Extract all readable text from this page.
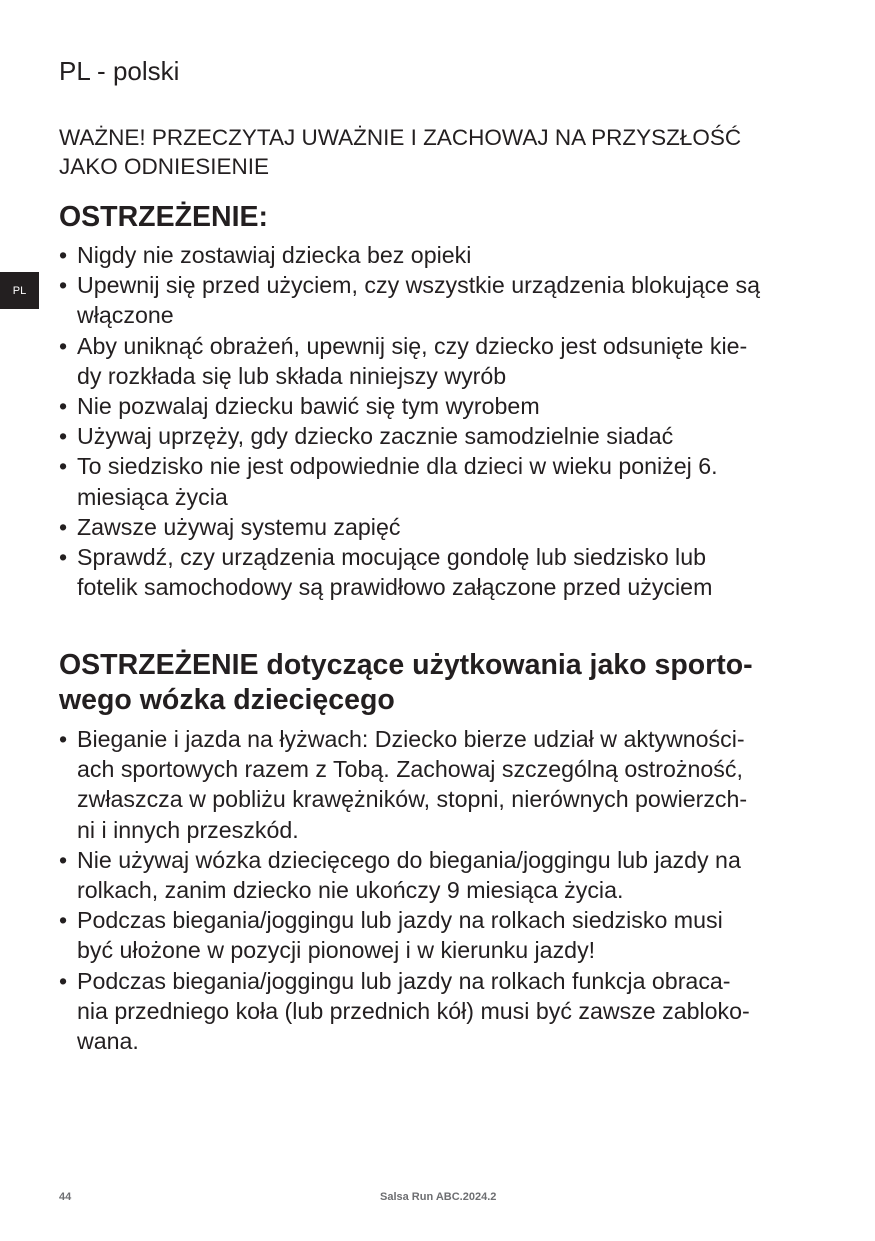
PL - polski

WAŻNE! PRZECZYTAJ UWAŻNIE I ZACHOWAJ NA PRZYSZŁOŚĆ
JAKO ODNIESIENIE

PL
OSTRZEŻENIE:
• Nigdy nie zostawiaj dziecka bez opieki
• Upewnij się przed użyciem, czy wszystkie urządzenia blokujące są
włączone
• Aby uniknąć obrażeń, upewnij się, czy dziecko jest odsunięte kie-
dy rozkłada się lub składa niniejszy wyrób
• Nie pozwalaj dziecku bawić się tym wyrobem
• Używaj uprzęży, gdy dziecko zacznie samodzielnie siadać
• To siedzisko nie jest odpowiednie dla dzieci w wieku poniżej 6.
miesiąca życia
• Zawsze używaj systemu zapięć
• Sprawdź, czy urządzenia mocujące gondolę lub siedzisko lub
fotelik samochodowy są prawidłowo załączone przed użyciem
OSTRZEŻENIE dotyczące użytkowania jako sporto-
wego wózka dziecięcego
• Bieganie i jazda na łyżwach: Dziecko bierze udział w aktywności-
ach sportowych razem z Tobą. Zachowaj szczególną ostrożność,
zwłaszcza w pobliżu krawężników, stopni, nierównych powierzch-
ni i innych przeszkód.
• Nie używaj wózka dziecięcego do biegania/joggingu lub jazdy na
rolkach, zanim dziecko nie ukończy 9 miesiąca życia.
• Podczas biegania/joggingu lub jazdy na rolkach siedzisko musi
być ułożone w pozycji pionowej i w kierunku jazdy!
• Podczas biegania/joggingu lub jazdy na rolkach funkcja obraca-
nia przedniego koła (lub przednich kół) musi być zawsze zabloko-
wana.
44	Salsa Run ABC.2024.2
